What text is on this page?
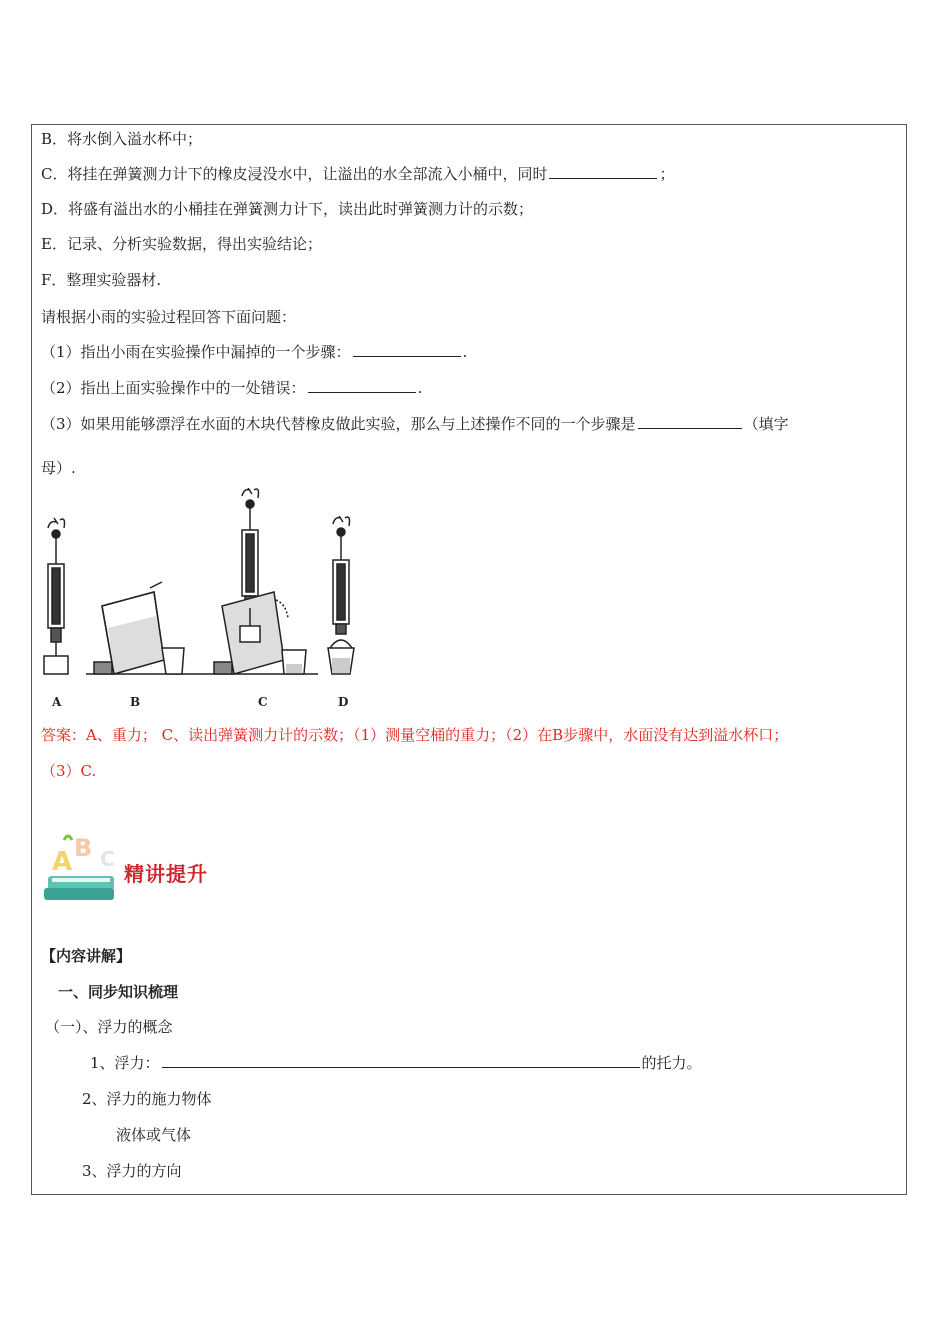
B．将水倒入溢水杯中；
C．将挂在弹簧测力计下的橡皮浸没水中，让溢出的水全部流入小桶中，同时	；
D．将盛有溢出水的小桶挂在弹簧测力计下，读出此时弹簧测力计的示数；
E．记录、分析实验数据，得出实验结论；
F．整理实验器材.
请根据小雨的实验过程回答下面问题：
（1）指出小雨在实验操作中漏掉的一个步骤：	.
（2）指出上面实验操作中的一处错误：	.
（3）如果用能够漂浮在水面的木块代替橡皮做此实验，那么与上述操作不同的一个步骤是	（填字
母）.
A	B	C	D
答案：A、重力； C、读出弹簧测力计的示数；（1）测量空桶的重力；（2）在B步骤中，水面没有达到溢水杯口；
（3）C.
A B C
精讲提升
【内容讲解】
一、同步知识梳理
（一）、浮力的概念
1、浮力：	的托力。
2、浮力的施力物体
液体或气体
3、浮力的方向
